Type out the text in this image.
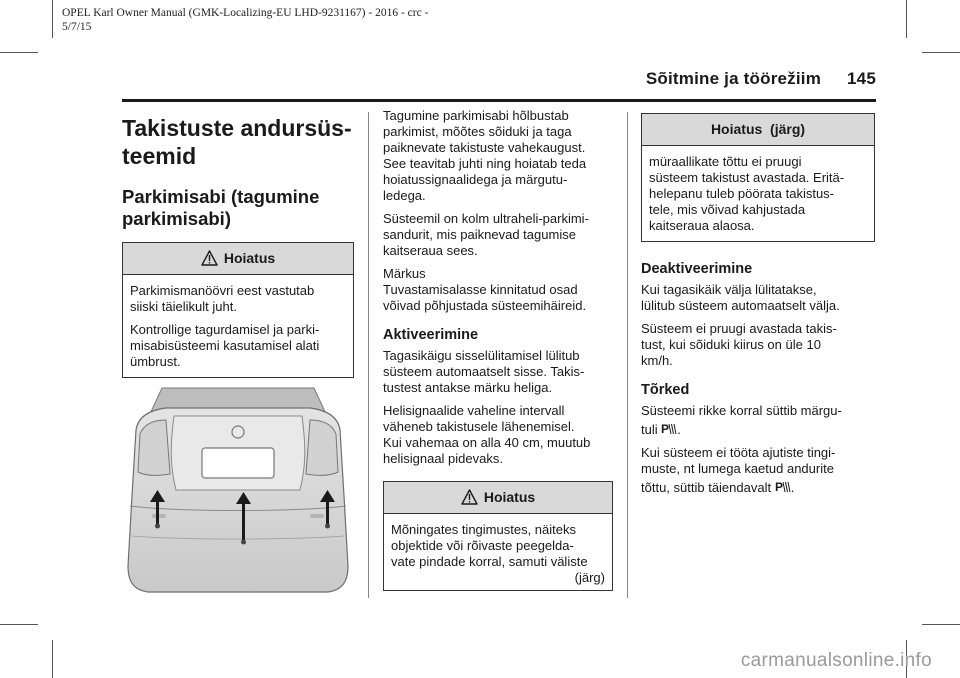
OPEL Karl Owner Manual (GMK-Localizing-EU LHD-9231167) - 2016 - crc -
5/7/15
Sõitmine ja töörežiim 145
Takistuste andursüs-
teemid
Parkimisabi (tagumine
parkimisabi)
Hoiatus
Parkimismanöövri eest vastutab
siiski täielikult juht.
Kontrollige tagurdamisel ja parki-
misabisüsteemi kasutamisel alati
ümbrust.
Tagumine parkimisabi hõlbustab
parkimist, mõõtes sõiduki ja taga
paiknevate takistuste vahekaugust.
See teavitab juhti ning hoiatab teda
hoiatussignaalidega ja märgutu-
ledega.
Süsteemil on kolm ultraheli-parkimi-
sandurit, mis paiknevad tagumise
kaitseraua sees.
Märkus
Tuvastamisalasse kinnitatud osad
võivad põhjustada süsteemihäireid.
Aktiveerimine
Tagasikäigu sisselülitamisel lülitub
süsteem automaatselt sisse. Takis-
tustest antakse märku heliga.
Helisignaalide vaheline intervall
väheneb takistusele lähenemisel.
Kui vahemaa on alla 40 cm, muutub
helisignaal pidevaks.
Hoiatus
Mõningates tingimustes, näiteks
objektide või rõivaste peegelda-
vate pindade korral, samuti väliste
(järg)
Hoiatus  (järg)
müraallikate tõttu ei pruugi
süsteem takistust avastada. Eritä-
helepanu tuleb pöörata takistus-
tele, mis võivad kahjustada
kaitseraua alaosa.
Deaktiveerimine
Kui tagasikäik välja lülitatakse,
lülitub süsteem automaatselt välja.
Süsteem ei pruugi avastada takis-
tust, kui sõiduki kiirus on üle 10
km/h.
Tõrked
Süsteemi rikke korral süttib märgu-
tuli P .
Kui süsteem ei tööta ajutiste tingi-
muste, nt lumega kaetud andurite
tõttu, süttib täiendavalt P .
carmanualsonline.info
